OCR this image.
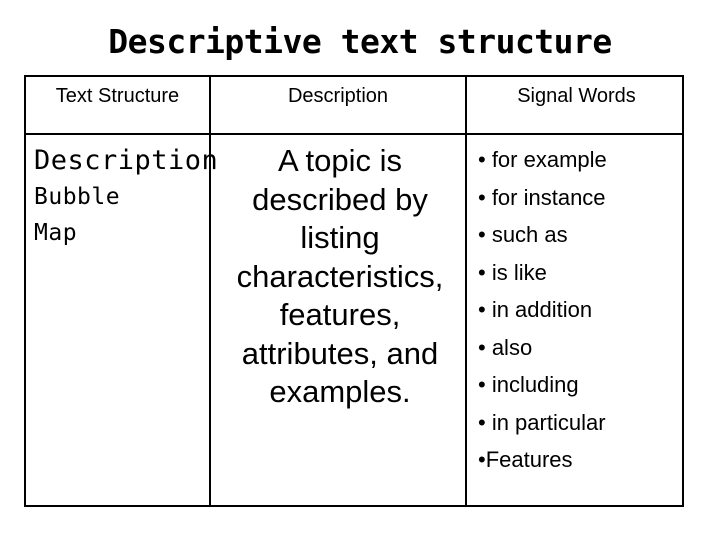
Descriptive text structure
Text Structure	Description	Signal Words
Description
Bubble
Map
A topic is
described by
listing
characteristics,
features,
attributes, and
examples.
• for example
• for instance
• such as
• is like
• in addition
• also
• including
• in particular
•Features
